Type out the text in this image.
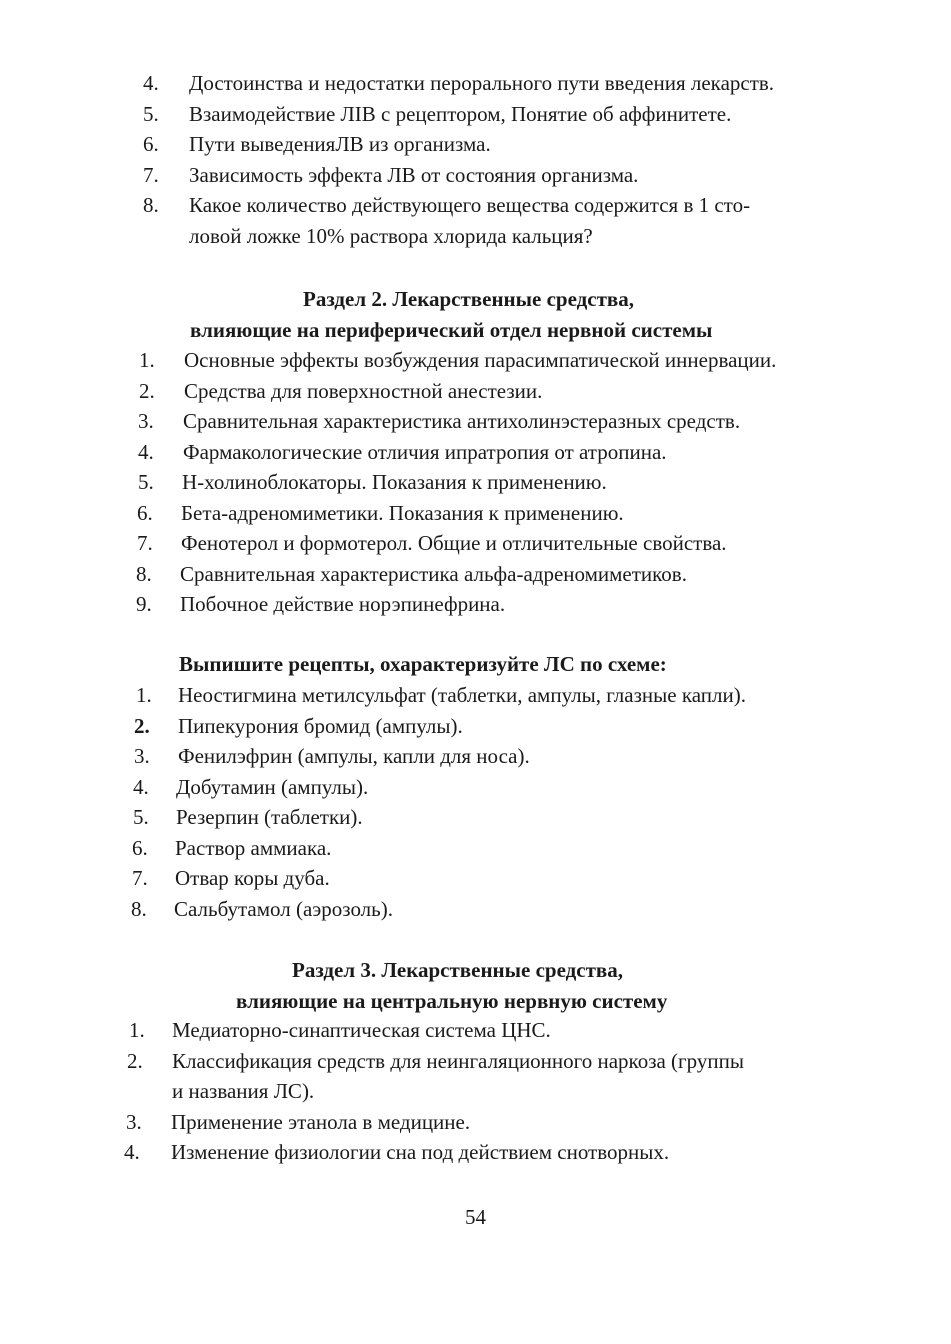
4. Достоинства и недостатки перорального пути введения лекарств.
5. Взаимодействие ЛІВ с рецептором, Понятие об аффинитете.
6. Пути выведенияЛВ из организма.
7. Зависимость эффекта ЛВ от состояния организма.
8. Какое количество действующего вещества содержится в 1 сто-
ловой ложке 10% раствора хлорида кальция?
Раздел 2. Лекарственные средства,
влияющие на периферический отдел нервной системы
1. Основные эффекты возбуждения парасимпатической иннервации.
2. Средства для поверхностной анестезии.
3. Сравнительная характеристика антихолинэстеразных средств.
4. Фармакологические отличия ипратропия от атропина.
5. Н-холиноблокаторы. Показания к применению.
6. Бета-адреномиметики. Показания к применению.
7. Фенотерол и формотерол. Общие и отличительные свойства.
8. Сравнительная характеристика альфа-адреномиметиков.
9. Побочное действие норэпинефрина.
Выпишите рецепты, охарактеризуйте ЛС по схеме:
1. Неостигмина метилсульфат (таблетки, ампулы, глазные капли).
2. Пипекурония бромид (ампулы).
3. Фенилэфрин (ампулы, капли для носа).
4. Добутамин (ампулы).
5. Резерпин (таблетки).
6. Раствор аммиака.
7. Отвар коры дуба.
8. Сальбутамол (аэрозоль).
Раздел 3. Лекарственные средства,
влияющие на центральную нервную систему
1. Медиаторно-синаптическая система ЦНС.
2. Классификация средств для неингаляционного наркоза (группы
и названия ЛС).
3. Применение этанола в медицине.
4. Изменение физиологии сна под действием снотворных.
54
